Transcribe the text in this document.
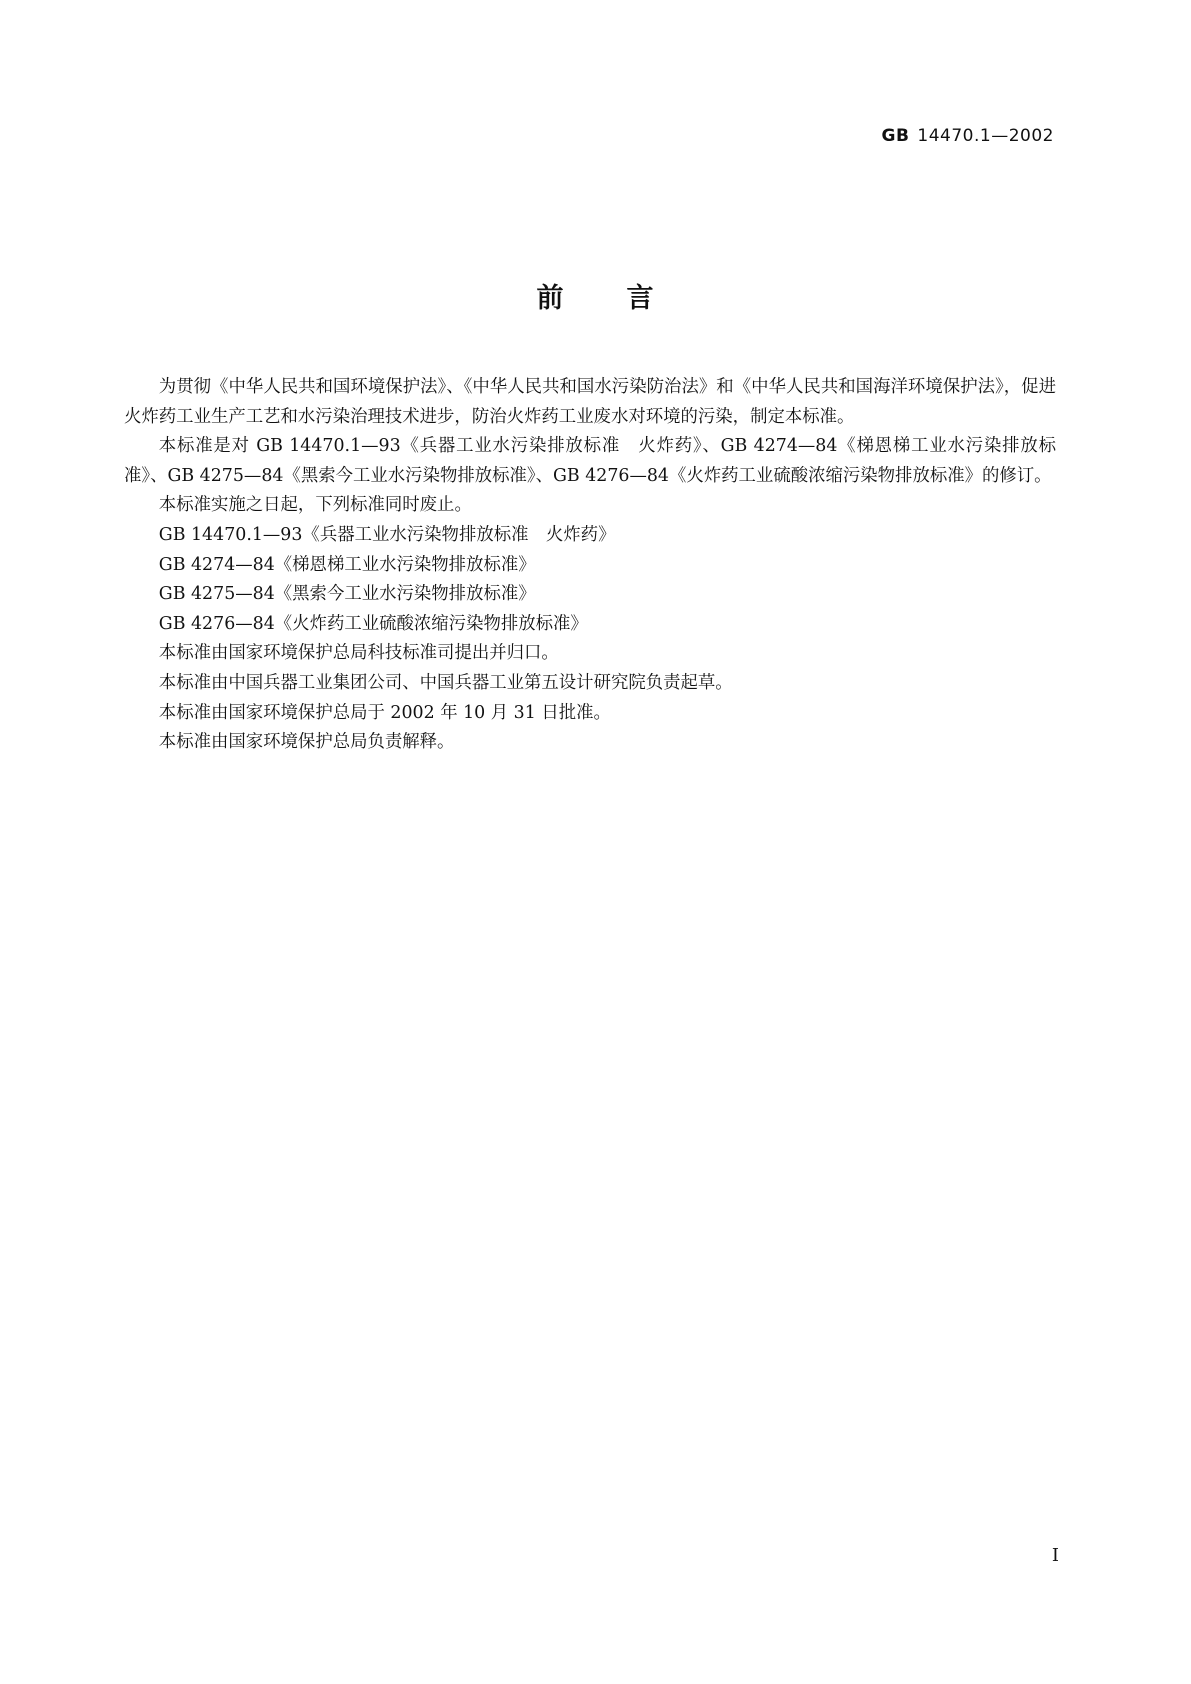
GB 14470.1—2002
前 言

为贯彻《中华人民共和国环境保护法》、《中华人民共和国水污染防治法》和《中华人民共和国海洋环境保护法》，促进火炸药工业生产工艺和水污染治理技术进步，防治火炸药工业废水对环境的污染，制定本标准。

本标准是对 GB 14470.1—93《兵器工业水污染排放标准　火炸药》、GB 4274—84《梯恩梯工业水污染排放标准》、GB 4275—84《黑索今工业水污染物排放标准》、GB 4276—84《火炸药工业硫酸浓缩污染物排放标准》的修订。

本标准实施之日起，下列标准同时废止。

GB 14470.1—93《兵器工业水污染物排放标准　火炸药》

GB 4274—84《梯恩梯工业水污染物排放标准》

GB 4275—84《黑索今工业水污染物排放标准》

GB 4276—84《火炸药工业硫酸浓缩污染物排放标准》

本标准由国家环境保护总局科技标准司提出并归口。

本标准由中国兵器工业集团公司、中国兵器工业第五设计研究院负责起草。

本标准由国家环境保护总局于 2002 年 10 月 31 日批准。

本标准由国家环境保护总局负责解释。

I
